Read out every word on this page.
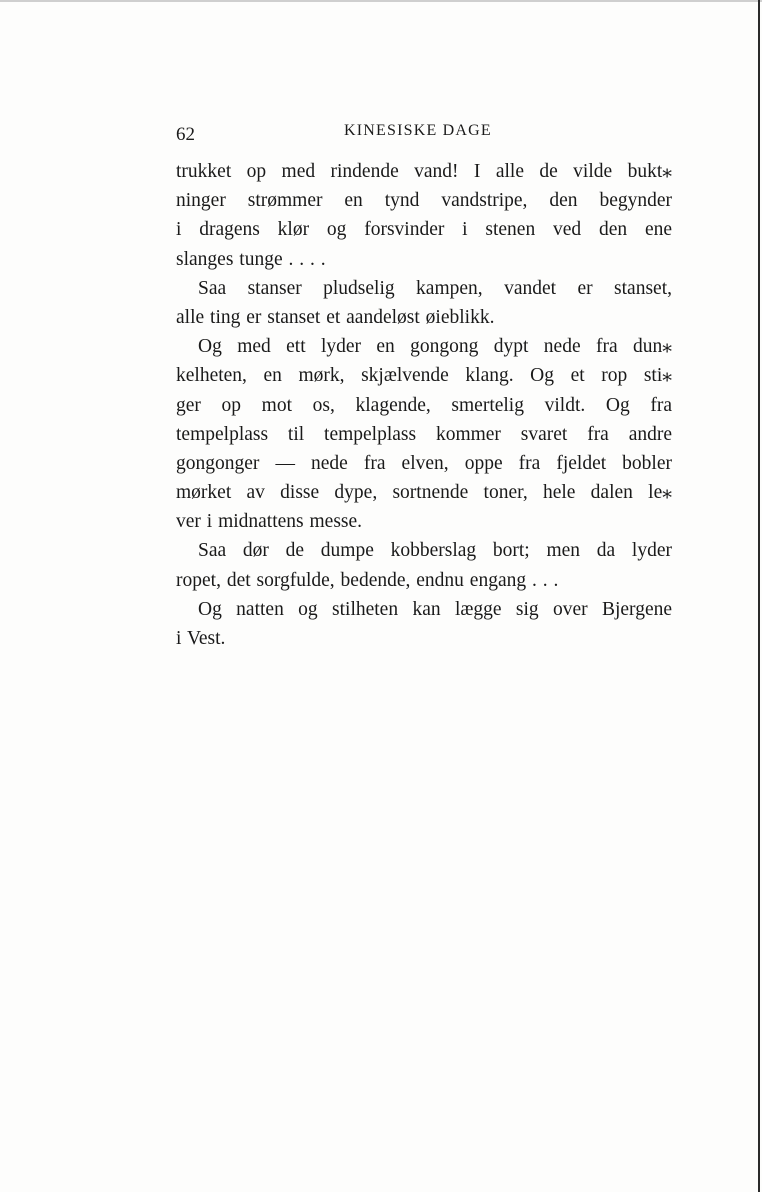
62	KINESISKE DAGE
trukket op med rindende vand! I alle de vilde bukt⁎
ninger strømmer en tynd vandstripe, den begynder
i dragens klør og forsvinder i stenen ved den ene
slanges tunge . . . .
Saa stanser pludselig kampen, vandet er stanset,
alle ting er stanset et aandeløst øieblikk.
Og med ett lyder en gongong dypt nede fra dun⁎
kelheten, en mørk, skjælvende klang. Og et rop sti⁎
ger op mot os, klagende, smertelig vildt. Og fra
tempelplass til tempelplass kommer svaret fra andre
gongonger — nede fra elven, oppe fra fjeldet bobler
mørket av disse dype, sortnende toner, hele dalen le⁎
ver i midnattens messe.
Saa dør de dumpe kobberslag bort; men da lyder
ropet, det sorgfulde, bedende, endnu engang . . .
Og natten og stilheten kan lægge sig over Bjergene
i Vest.
